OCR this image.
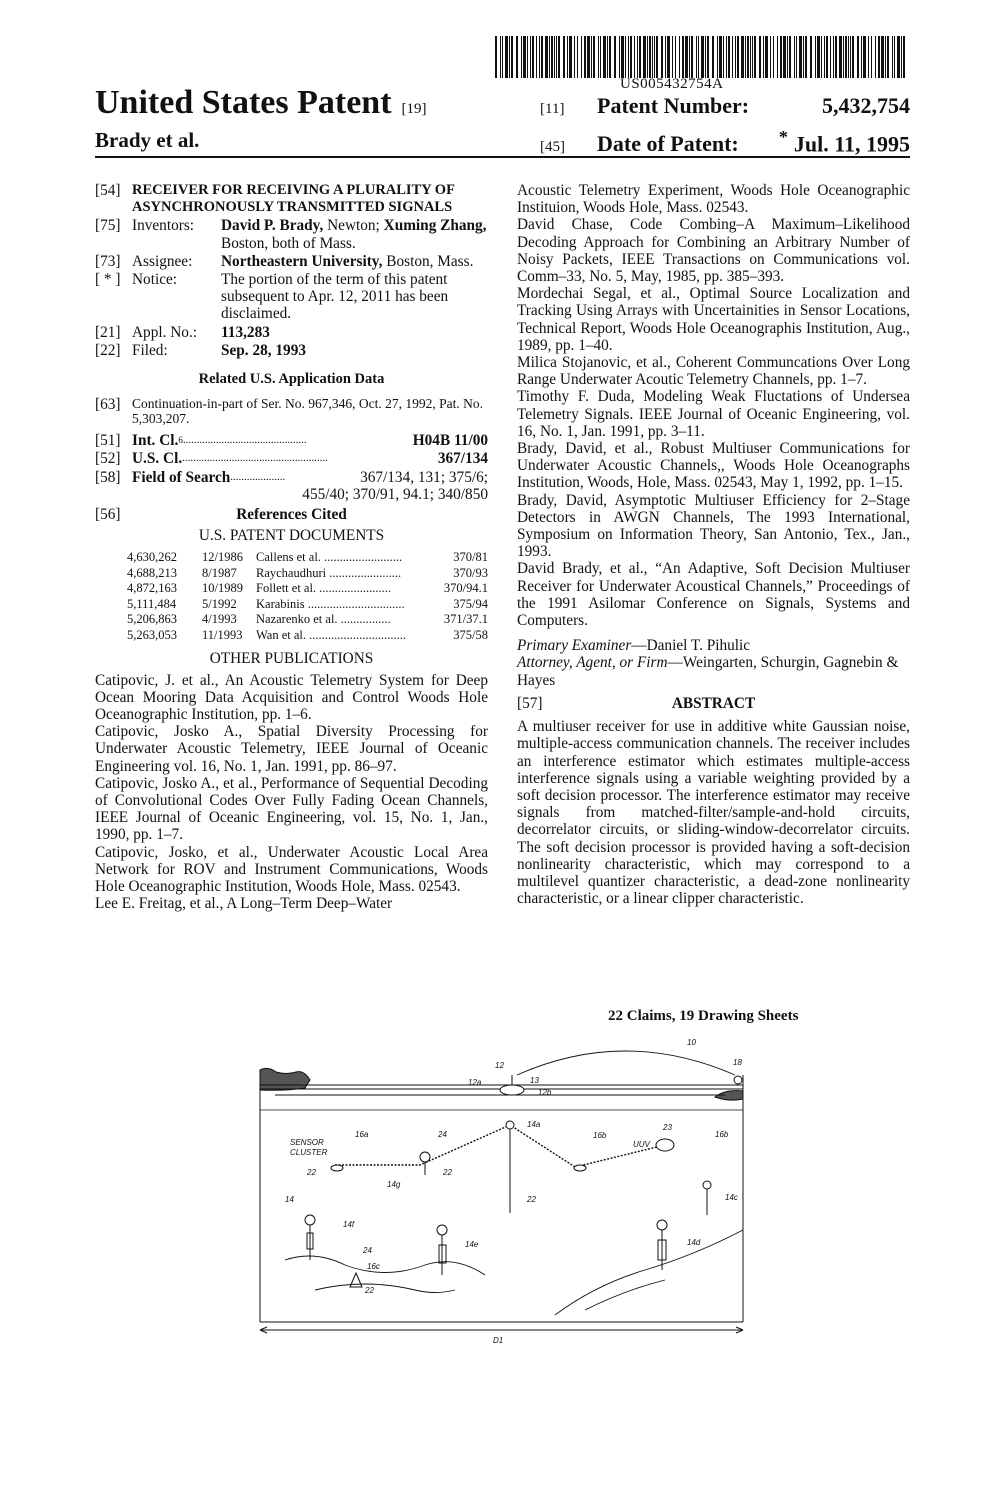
US005432754A
United States Patent [19]
Brady et al.
[11]	Patent Number:	5,432,754
[45]	Date of Patent: * Jul. 11, 1995
[54] RECEIVER FOR RECEIVING A PLURALITY OF ASYNCHRONOUSLY TRANSMITTED SIGNALS
[75] Inventors:	David P. Brady, Newton; Xuming Zhang, Boston, both of Mass.
[73] Assignee:	Northeastern University, Boston, Mass.
[ * ] Notice:	The portion of the term of this patent subsequent to Apr. 12, 2011 has been disclaimed.
[21] Appl. No.:	113,283
[22] Filed:	Sep. 28, 1993
Related U.S. Application Data
[63] Continuation-in-part of Ser. No. 967,346, Oct. 27, 1992, Pat. No. 5,303,207.
[51] Int. Cl. 6 .............................................	H04B 11/00
[52] U.S. Cl. .....................................................	367/134
[58] Field of Search ....................	367/134, 131; 375/6;
455/40; 370/91, 94.1; 340/850
[56]	References Cited
U.S. PATENT DOCUMENTS
4,630,262	12/1986	Callens et al. .........................	370/81
4,688,213	8/1987	Raychaudhuri .......................	370/93
4,872,163	10/1989	Follett et al. .......................	370/94.1
5,111,484	5/1992	Karabinis ...............................	375/94
5,206,863	4/1993	Nazarenko et al. ................	371/37.1
5,263,053	11/1993	Wan et al. ...............................	375/58
OTHER PUBLICATIONS

Catipovic, J. et al., An Acoustic Telemetry System for Deep Ocean Mooring Data Acquisition and Control Woods Hole Oceanographic Institution, pp. 1–6.

Catipovic, Josko A., Spatial Diversity Processing for Underwater Acoustic Telemetry, IEEE Journal of Oceanic Engineering vol. 16, No. 1, Jan. 1991, pp. 86–97.

Catipovic, Josko A., et al., Performance of Sequential Decoding of Convolutional Codes Over Fully Fading Ocean Channels, IEEE Journal of Oceanic Engineering, vol. 15, No. 1, Jan., 1990, pp. 1–7.

Catipovic, Josko, et al., Underwater Acoustic Local Area Network for ROV and Instrument Communications, Woods Hole Oceanographic Institution, Woods Hole, Mass. 02543.

Lee E. Freitag, et al., A Long–Term Deep–Water

Acoustic Telemetry Experiment, Woods Hole Oceanographic Instituion, Woods Hole, Mass. 02543.

David Chase, Code Combing–A Maximum–Likelihood Decoding Approach for Combining an Arbitrary Number of Noisy Packets, IEEE Transactions on Communications vol. Comm–33, No. 5, May, 1985, pp. 385–393.

Mordechai Segal, et al., Optimal Source Localization and Tracking Using Arrays with Uncertainities in Sensor Locations, Technical Report, Woods Hole Oceanographis Institution, Aug., 1989, pp. 1–40.

Milica Stojanovic, et al., Coherent Communcations Over Long Range Underwater Acoutic Telemetry Channels, pp. 1–7.

Timothy F. Duda, Modeling Weak Fluctations of Undersea Telemetry Signals. IEEE Journal of Oceanic Engineering, vol. 16, No. 1, Jan. 1991, pp. 3–11.

Brady, David, et al., Robust Multiuser Communications for Underwater Acoustic Channels,, Woods Hole Oceanographs Institution, Woods, Hole, Mass. 02543, May 1, 1992, pp. 1–15.

Brady, David, Asymptotic Multiuser Efficiency for 2–Stage Detectors in AWGN Channels, The 1993 International, Symposium on Information Theory, San Antonio, Tex., Jan., 1993.

David Brady, et al., “An Adaptive, Soft Decision Multiuser Receiver for Underwater Acoustical Channels,” Proceedings of the 1991 Asilomar Conference on Signals, Systems and Computers.

Primary Examiner—Daniel T. Pihulic
Attorney, Agent, or Firm—Weingarten, Schurgin, Gagnebin & Hayes
[57]	ABSTRACT
A multiuser receiver for use in additive white Gaussian noise, multiple-access communication channels. The receiver includes an interference estimator which estimates multiple-access interference signals using a variable weighting provided by a soft decision processor. The interference estimator may receive signals from matched-filter/sample-and-hold circuits, decorrelator circuits, or sliding-window-decorrelator circuits. The soft decision processor is provided having a soft-decision nonlinearity characteristic, which may correspond to a multilevel quantizer characteristic, a dead-zone nonlinearity characteristic, or a linear clipper characteristic.
22 Claims, 19 Drawing Sheets
10
12
12a	13
12b
18
14a
16a	24	16b
23
16b
SENSOR
CLUSTER
UUV
22	22
14g
14	22	14c
14f
24
16c
14e
22
14d
D1
